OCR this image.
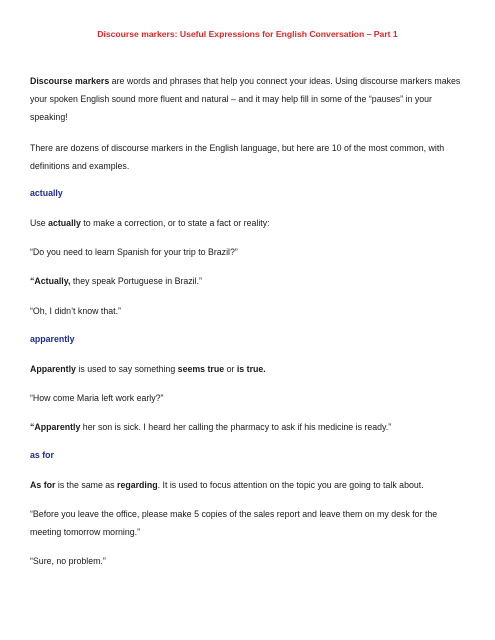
Discourse markers: Useful Expressions for English Conversation – Part 1
Discourse markers are words and phrases that help you connect your ideas. Using discourse markers makes
your spoken English sound more fluent and natural – and it may help fill in some of the “pauses” in your
speaking!
There are dozens of discourse markers in the English language, but here are 10 of the most common, with
definitions and examples.
actually
Use actually to make a correction, or to state a fact or reality:
“Do you need to learn Spanish for your trip to Brazil?”
“Actually, they speak Portuguese in Brazil.”
“Oh, I didn’t know that.”
apparently
Apparently is used to say something seems true or is true.
“How come Maria left work early?”
“Apparently her son is sick. I heard her calling the pharmacy to ask if his medicine is ready.”
as for
As for is the same as regarding. It is used to focus attention on the topic you are going to talk about.
“Before you leave the office, please make 5 copies of the sales report and leave them on my desk for the
meeting tomorrow morning.”
“Sure, no problem.”
